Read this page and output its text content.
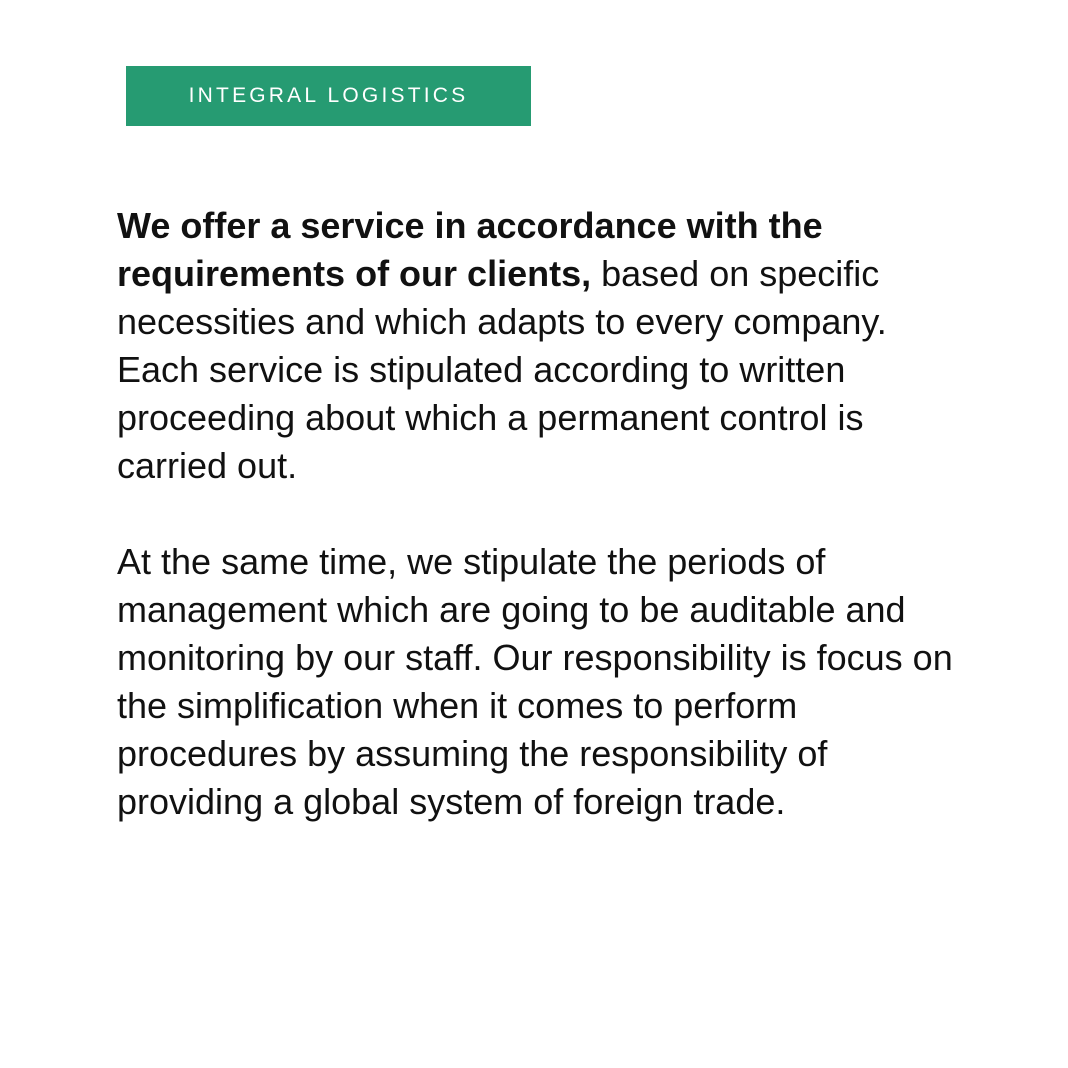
INTEGRAL LOGISTICS

We offer a service in accordance with the requirements of our clients, based on specific necessities and which adapts to every company. Each service is stipulated according to written proceeding about which a permanent control is carried out.

At the same time, we stipulate the periods of management which are going to be auditable and monitoring by our staff. Our responsibility is focus on the simplification when it comes to perform procedures by assuming the responsibility of providing a global system of foreign trade.
